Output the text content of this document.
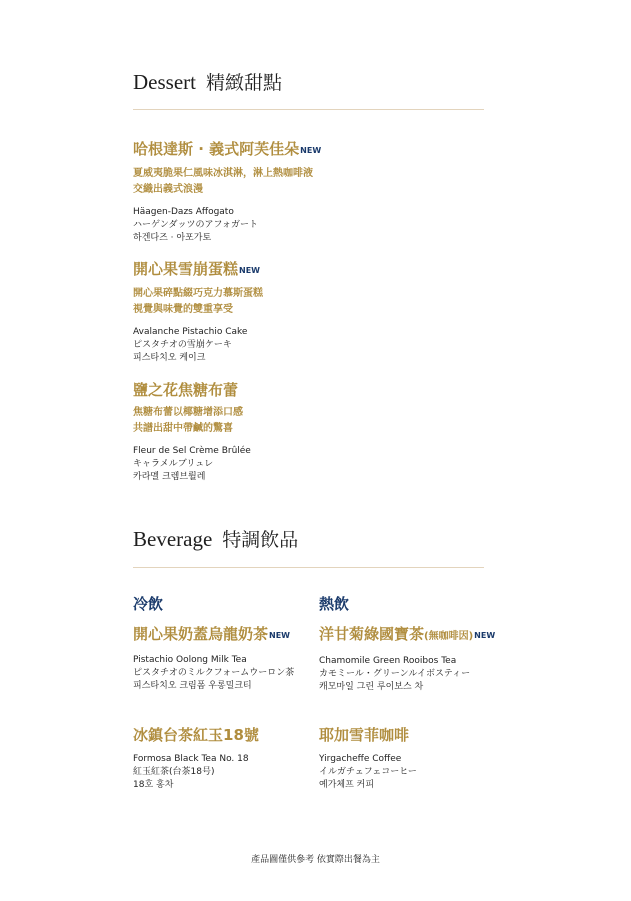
Dessert 精緻甜點
哈根達斯 · 義式阿芙佳朵NEW
夏威夷脆果仁風味冰淇淋，淋上熱咖啡液
交織出義式浪漫
Häagen-Dazs Affogato
ハーゲンダッツのアフォガート
하겐다즈 · 아포가토
開心果雪崩蛋糕NEW
開心果碎點綴巧克力慕斯蛋糕
視覺與味覺的雙重享受
Avalanche Pistachio Cake
ピスタチオの雪崩ケーキ
피스타치오 케이크
鹽之花焦糖布蕾
焦糖布蕾以椰糖增添口感
共譜出甜中帶鹹的驚喜
Fleur de Sel Crème Brûlée
キャラメルブリュレ
카라멜 크렘브륄레
Beverage 特調飲品
冷飲	熱飲
開心果奶蓋烏龍奶茶NEW
Pistachio Oolong Milk Tea
ピスタチオのミルクフォームウーロン茶
피스타치오 크림폼 우롱밀크티
冰鎮台茶紅玉18號
Formosa Black Tea No. 18
紅玉紅茶(台茶18号)
18호 홍차
洋甘菊綠國寶茶(無咖啡因)NEW
Chamomile Green Rooibos Tea
カモミール・グリーンルイボスティー
캐모마일 그린 루이보스 차
耶加雪菲咖啡
Yirgacheffe Coffee
イルガチェフェコーヒー
예가체프 커피
產品圖僅供參考 依實際出餐為主
